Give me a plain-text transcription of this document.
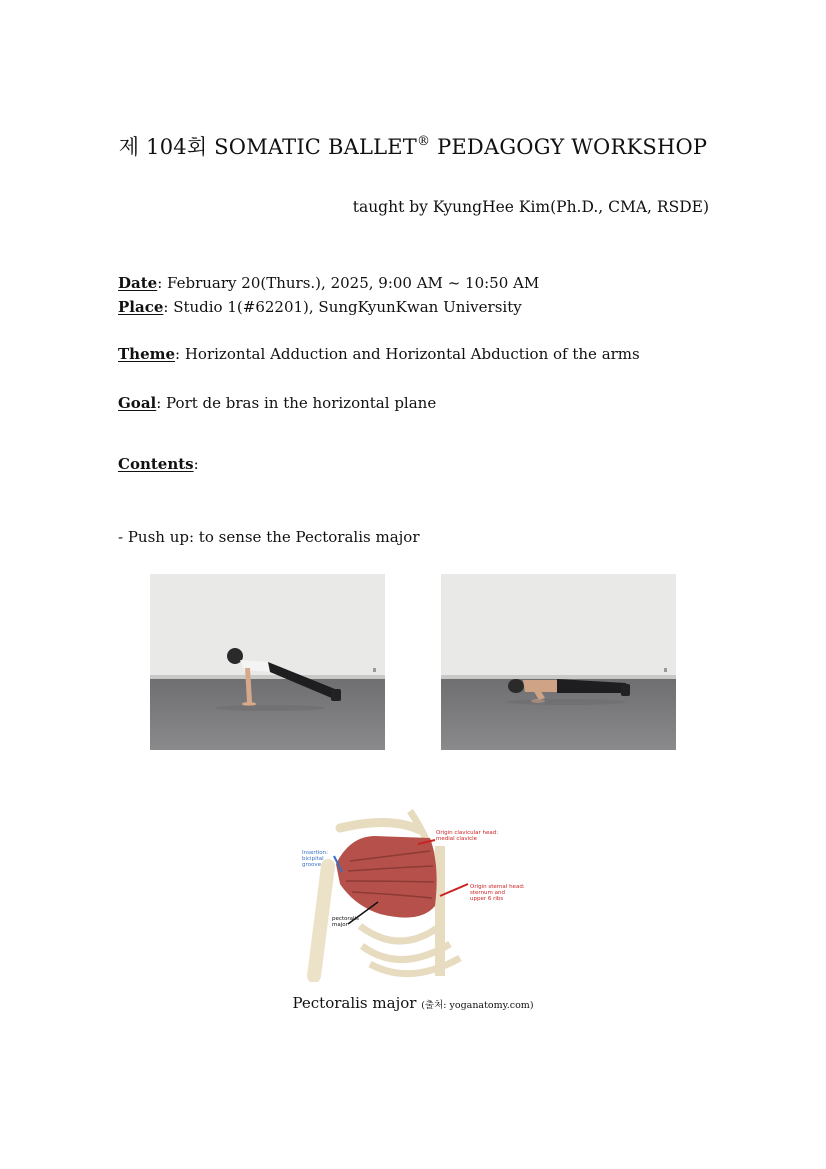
제 104회 SOMATIC BALLET® PEDAGOGY WORKSHOP
taught by KyungHee Kim(Ph.D., CMA, RSDE)
Date: February 20(Thurs.), 2025, 9:00 AM ~ 10:50 AM
Place: Studio 1(#62201), SungKyunKwan University
Theme: Horizontal Adduction and Horizontal Abduction of the arms
Goal: Port de bras in the horizontal plane
Contents:
- Push up: to sense the Pectoralis major
Insertion:
bicipital
groove
Origin clavicular head:
medial clavicle
Origin sternal head:
sternum and
upper 6 ribs
pectoralis
major
Pectoralis major (출처: yoganatomy.com)
